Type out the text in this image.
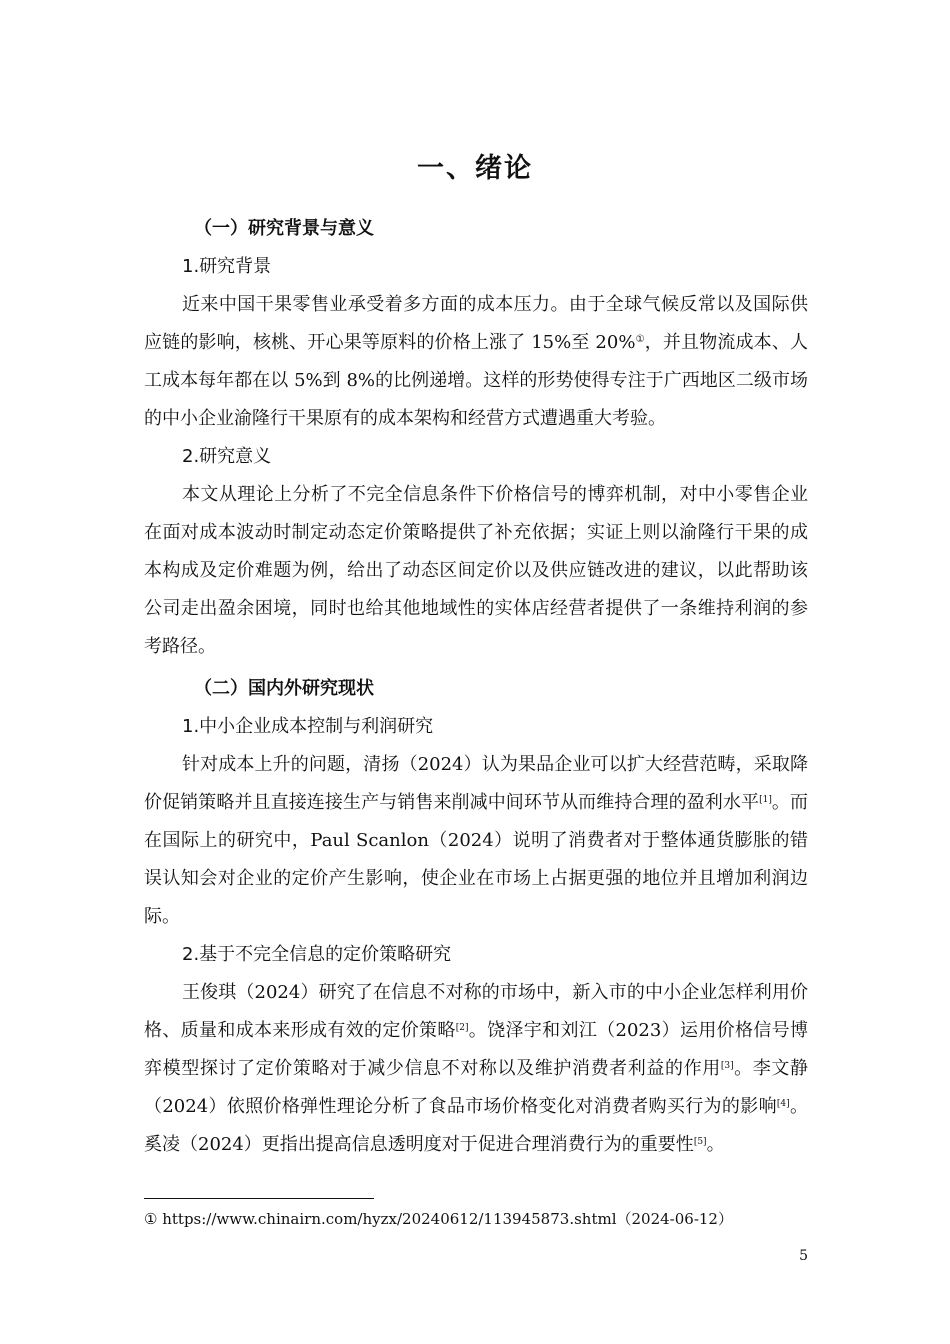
一、绪论
（一）研究背景与意义
1.研究背景

近来中国干果零售业承受着多方面的成本压力。由于全球气候反常以及国际供应链的影响，核桃、开心果等原料的价格上涨了 15%至 20%①，并且物流成本、人工成本每年都在以 5%到 8%的比例递增。这样的形势使得专注于广西地区二级市场的中小企业渝隆行干果原有的成本架构和经营方式遭遇重大考验。

2.研究意义

本文从理论上分析了不完全信息条件下价格信号的博弈机制，对中小零售企业在面对成本波动时制定动态定价策略提供了补充依据；实证上则以渝隆行干果的成本构成及定价难题为例，给出了动态区间定价以及供应链改进的建议，以此帮助该公司走出盈余困境，同时也给其他地域性的实体店经营者提供了一条维持利润的参考路径。

（二）国内外研究现状
1.中小企业成本控制与利润研究

针对成本上升的问题，清扬（2024）认为果品企业可以扩大经营范畴，采取降价促销策略并且直接连接生产与销售来削减中间环节从而维持合理的盈利水平[1]。而在国际上的研究中，Paul Scanlon（2024）说明了消费者对于整体通货膨胀的错误认知会对企业的定价产生影响，使企业在市场上占据更强的地位并且增加利润边际。

2.基于不完全信息的定价策略研究

王俊琪（2024）研究了在信息不对称的市场中，新入市的中小企业怎样利用价格、质量和成本来形成有效的定价策略[2]。饶泽宇和刘江（2023）运用价格信号博弈模型探讨了定价策略对于减少信息不对称以及维护消费者利益的作用[3]。李文静（2024）依照价格弹性理论分析了食品市场价格变化对消费者购买行为的影响[4]。奚凌（2024）更指出提高信息透明度对于促进合理消费行为的重要性[5]。

① https://www.chinairn.com/hyzx/20240612/113945873.shtml（2024-06-12）
5
